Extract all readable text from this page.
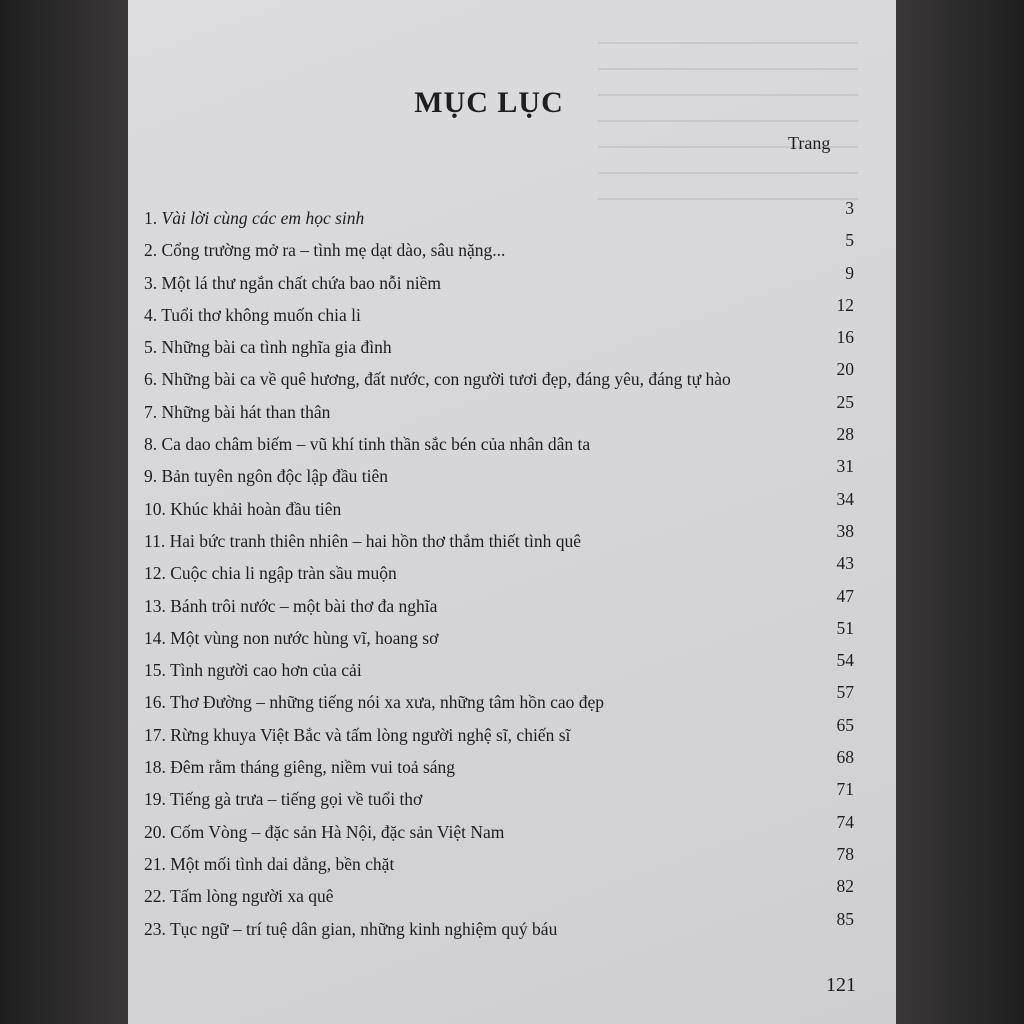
MỤC LỤC
Trang
1. Vài lời cùng các em học sinh	3
2. Cổng trường mở ra – tình mẹ dạt dào, sâu nặng...	5
3. Một lá thư ngắn chất chứa bao nỗi niềm	9
4. Tuổi thơ không muốn chia li	12
5. Những bài ca tình nghĩa gia đình	16
6. Những bài ca về quê hương, đất nước, con người tươi đẹp, đáng yêu, đáng tự hào	20
7. Những bài hát than thân	25
8. Ca dao châm biếm – vũ khí tinh thần sắc bén của nhân dân ta	28
9. Bản tuyên ngôn độc lập đầu tiên	31
10. Khúc khải hoàn đầu tiên	34
11. Hai bức tranh thiên nhiên – hai hồn thơ thắm thiết tình quê	38
12. Cuộc chia li ngập tràn sầu muộn	43
13. Bánh trôi nước – một bài thơ đa nghĩa	47
14. Một vùng non nước hùng vĩ, hoang sơ	51
15. Tình người cao hơn của cải	54
16. Thơ Đường – những tiếng nói xa xưa, những tâm hồn cao đẹp	57
17. Rừng khuya Việt Bắc và tấm lòng người nghệ sĩ, chiến sĩ	65
18. Đêm rằm tháng giêng, niềm vui toả sáng	68
19. Tiếng gà trưa – tiếng gọi về tuổi thơ	71
20. Cốm Vòng – đặc sản Hà Nội, đặc sản Việt Nam	74
21. Một mối tình dai dẳng, bền chặt	78
22. Tấm lòng người xa quê	82
23. Tục ngữ – trí tuệ dân gian, những kinh nghiệm quý báu	85
121
